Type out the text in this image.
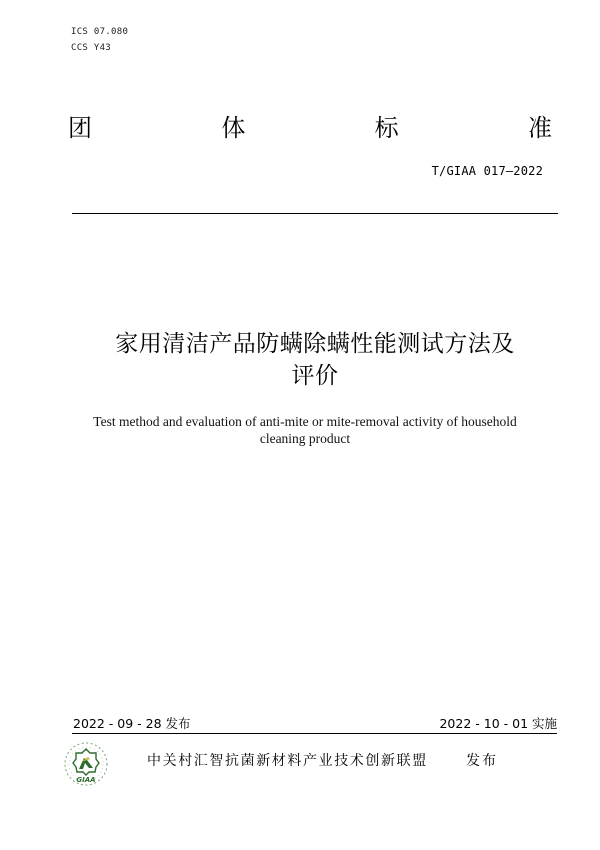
ICS 07.080
CCS Y43
团	体	标	准
T/GIAA 017—2022
家用清洁产品防螨除螨性能测试方法及
评价
Test method and evaluation of anti-mite or mite-removal activity of household
cleaning product
2022 - 09 - 28 发布	2022 - 10 - 01 实施
GIAA
中关村汇智抗菌新材料产业技术创新联盟	发布
